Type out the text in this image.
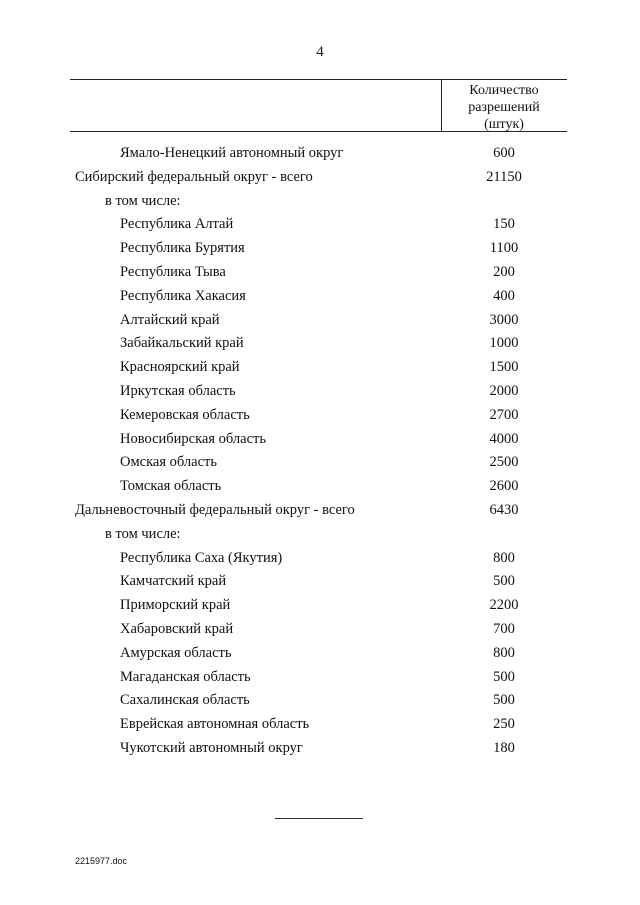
4
Количество
разрешений
(штук)
Ямало-Ненецкий автономный округ	600
Сибирский федеральный округ - всего	21150
в том числе:
Республика Алтай	150
Республика Бурятия	1100
Республика Тыва	200
Республика Хакасия	400
Алтайский край	3000
Забайкальский край	1000
Красноярский край	1500
Иркутская область	2000
Кемеровская область	2700
Новосибирская область	4000
Омская область	2500
Томская область	2600
Дальневосточный федеральный округ - всего	6430
в том числе:
Республика Саха (Якутия)	800
Камчатский край	500
Приморский край	2200
Хабаровский край	700
Амурская область	800
Магаданская область	500
Сахалинская область	500
Еврейская автономная область	250
Чукотский автономный округ	180
2215977.doc
